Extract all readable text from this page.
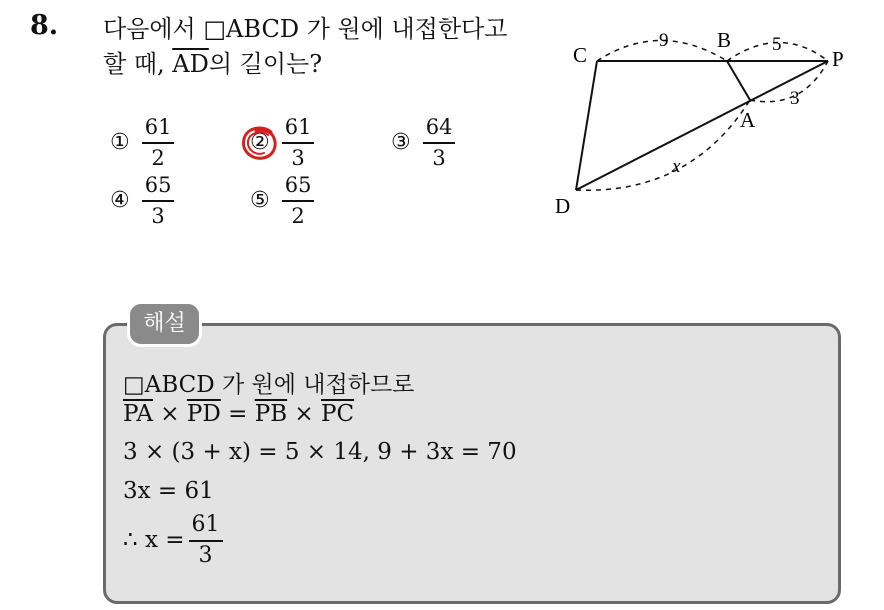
8. 다음에서 □ABCD 가 원에 내접한다고
할 때, $\overline{AD}$의 길이는?
① $\frac{61}{2}$	② $\frac{61}{3}$	③ $\frac{64}{3}$
④ $\frac{65}{3}$	⑤ $\frac{65}{2}$
C
B
P
A
D
9	5
3
x
해설
□ABCD 가 원에 내접하므로
$\overline{PA} \times \overline{PD} = \overline{PB} \times \overline{PC}$
3 × (3 + x) = 5 × 14, 9 + 3x = 70
3x = 61
∴ $x = \frac{61}{3}$
